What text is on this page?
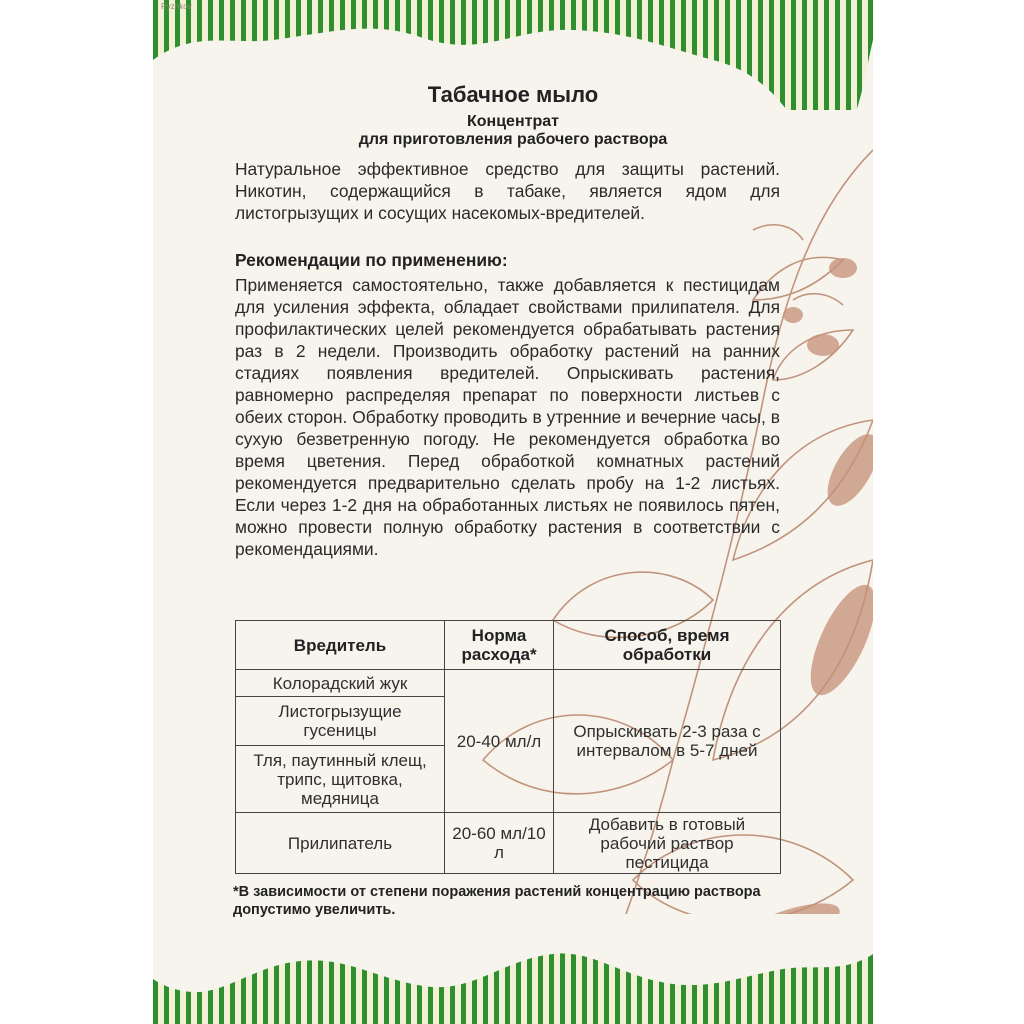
Ryzhkov
Табачное мыло
Концентрат
для приготовления рабочего раствора
Натуральное эффективное средство для защиты растений. Никотин, содержащийся в табаке, является ядом для листогрызущих и сосущих насекомых-вредителей.
Рекомендации по применению:
Применяется самостоятельно, также добавляется к пестицидам для усиления эффекта, обладает свойствами прилипателя. Для профилактических целей рекомендуется обрабатывать растения раз в 2 недели. Производить обработку растений на ранних стадиях появления вредителей. Опрыскивать растения, равномерно распределяя препарат по поверхности листьев с обеих сторон. Обработку проводить в утренние и вечерние часы, в сухую безветренную погоду. Не рекомендуется обработка во время цветения. Перед обработкой комнатных растений рекомендуется предварительно сделать пробу на 1-2 листьях. Если через 1-2 дня на обработанных листьях не появилось пятен, можно провести полную обработку растения в соответствии с рекомендациями.
Вредитель	Норма расхода*	Способ, время обработки
Колорадский жук	20-40 мл/л	Опрыскивать 2-3 раза с интервалом в 5-7 дней
Листогрызущие гусеницы		
Тля, паутинный клещ, трипс, щитовка, медяница		
Прилипатель	20-60 мл/10 л	Добавить в готовый рабочий раствор пестицида
*В зависимости от степени поражения растений концентрацию раствора допустимо увеличить.
